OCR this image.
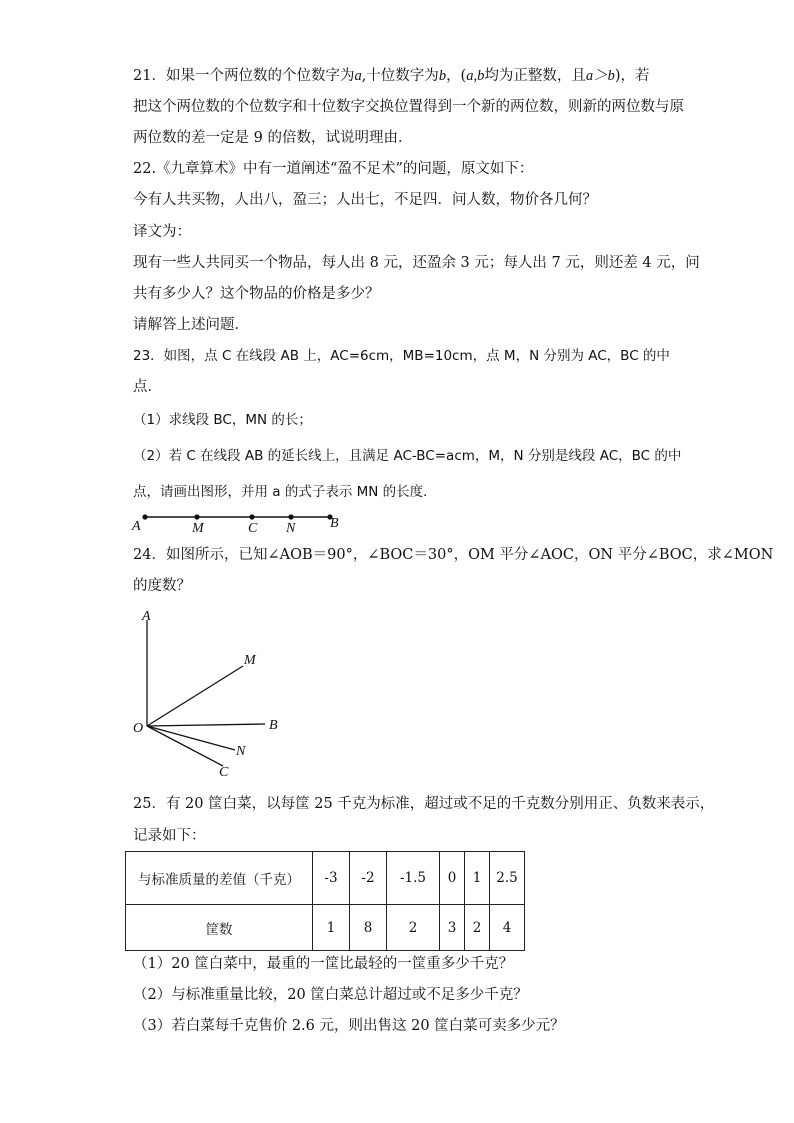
21．如果一个两位数的个位数字为a,十位数字为b，(a,b均为正整数，且a＞b)，若
把这个两位数的个位数字和十位数字交换位置得到一个新的两位数，则新的两位数与原
两位数的差一定是 9 的倍数，试说明理由．
22.《九章算术》中有一道阐述“盈不足术”的问题，原文如下：
今有人共买物，人出八，盈三；人出七，不足四．问人数，物价各几何？
译文为：
现有一些人共同买一个物品，每人出 8 元，还盈余 3 元；每人出 7 元，则还差 4 元，问
共有多少人？这个物品的价格是多少？
请解答上述问题．
23．如图，点 C 在线段 AB 上，AC=6cm，MB=10cm，点 M，N 分别为 AC，BC 的中
点．
（1）求线段 BC，MN 的长；
（2）若 C 在线段 AB 的延长线上，且满足 AC-BC=acm，M，N 分别是线段 AC，BC 的中
点，请画出图形，并用 a 的式子表示 MN 的长度．
A	M	C N B
24．如图所示，已知∠AOB＝90°，∠BOC＝30°，OM 平分∠AOC，ON 平分∠BOC，求∠MON
的度数？
A
M
O	B
N
C
25．有 20 筐白菜，以每筐 25 千克为标准，超过或不足的千克数分别用正、负数来表示，
记录如下：
与标准质量的差值（千克）	-3	-2	-1.5	0	1	2.5
筐数	1	8	2	3	2	4
（1）20 筐白菜中，最重的一筐比最轻的一筐重多少千克？
（2）与标准重量比较，20 筐白菜总计超过或不足多少千克？
（3）若白菜每千克售价 2.6 元，则出售这 20 筐白菜可卖多少元？
